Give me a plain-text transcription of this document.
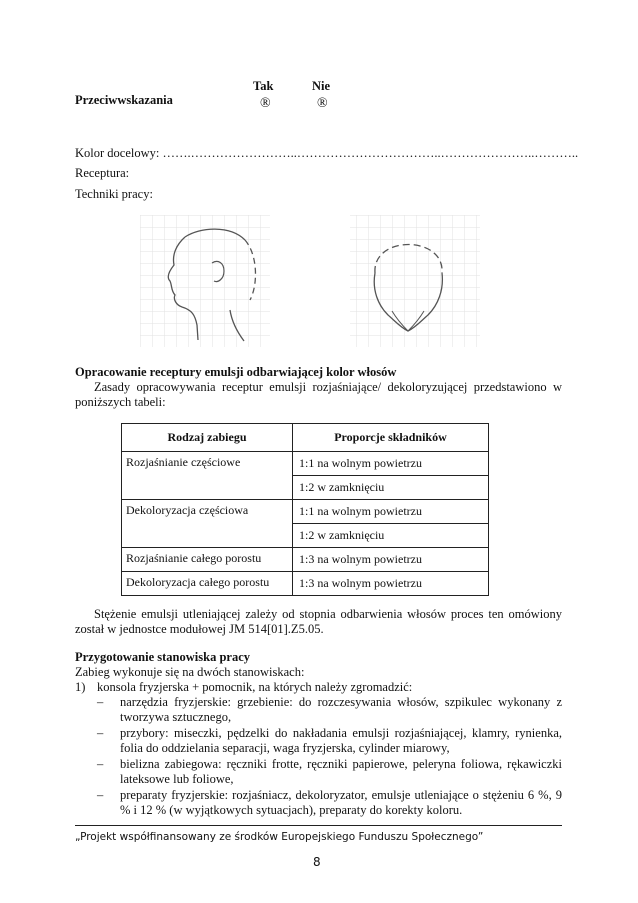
Tak	Nie
Przeciwwskazania	®	®
Kolor docelowy: …….……………………..……………………………..…………………..………..
Receptura:
Techniki pracy:
Opracowanie receptury emulsji odbarwiającej kolor włosów
Zasady opracowywania receptur emulsji rozjaśniające/ dekoloryzującej przedstawiono w poniższych tabeli:
Rodzaj zabiegu	Proporcje składników
Rozjaśnianie częściowe	1:1 na wolnym powietrzu
	1:2 w zamknięciu
Dekoloryzacja częściowa	1:1 na wolnym powietrzu
	1:2 w zamknięciu
Rozjaśnianie całego porostu	1:3 na wolnym powietrzu
Dekoloryzacja całego porostu	1:3 na wolnym powietrzu
Stężenie emulsji utleniającej zależy od stopnia odbarwienia włosów proces ten omówiony został w jednostce modułowej JM 514[01].Z5.05.
Przygotowanie stanowiska pracy
Zabieg wykonuje się na dwóch stanowiskach:
1) konsola fryzjerska + pomocnik, na których należy zgromadzić:
– narzędzia fryzjerskie: grzebienie: do rozczesywania włosów, szpikulec wykonany z tworzywa sztucznego,
– przybory: miseczki, pędzelki do nakładania emulsji rozjaśniającej, klamry, rynienka, folia do oddzielania separacji, waga fryzjerska, cylinder miarowy,
– bielizna zabiegowa: ręczniki frotte, ręczniki papierowe, peleryna foliowa, rękawiczki lateksowe lub foliowe,
– preparaty fryzjerskie: rozjaśniacz, dekoloryzator, emulsje utleniające o stężeniu 6 %, 9 % i 12 % (w wyjątkowych sytuacjach), preparaty do korekty koloru.
„Projekt współfinansowany ze środków Europejskiego Funduszu Społecznego”
8
